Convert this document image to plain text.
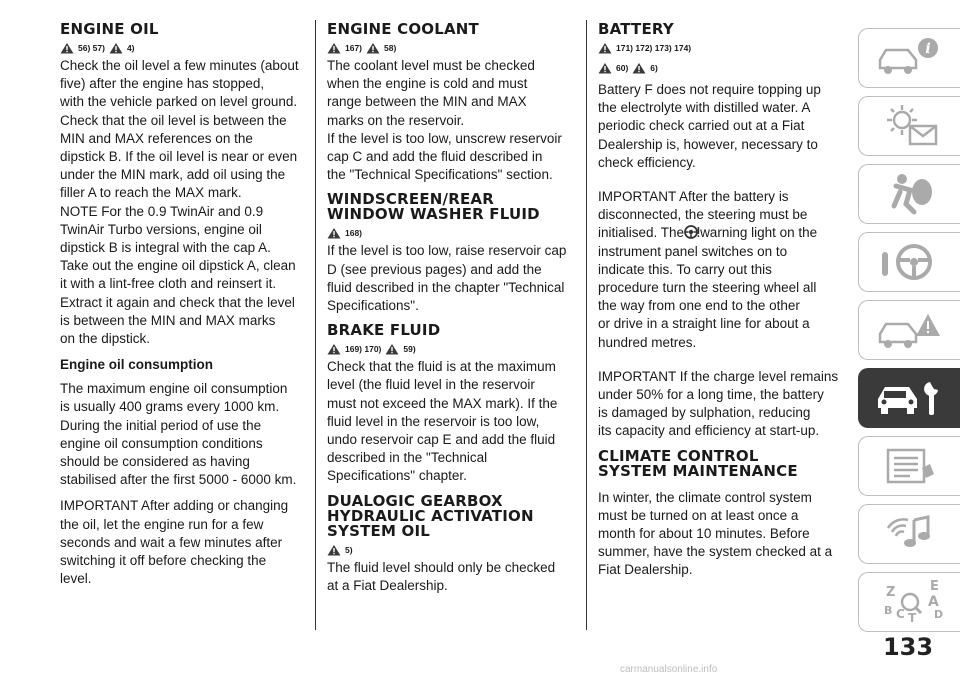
ENGINE OIL
56) 57)	4)

Check the oil level a few minutes (about
five) after the engine has stopped,
with the vehicle parked on level ground.
Check that the oil level is between the
MIN and MAX references on the
dipstick B. If the oil level is near or even
under the MIN mark, add oil using the
filler A to reach the MAX mark.
NOTE For the 0.9 TwinAir and 0.9
TwinAir Turbo versions, engine oil
dipstick B is integral with the cap A.
Take out the engine oil dipstick A, clean
it with a lint-free cloth and reinsert it.
Extract it again and check that the level
is between the MIN and MAX marks
on the dipstick.

Engine oil consumption

The maximum engine oil consumption
is usually 400 grams every 1000 km.
During the initial period of use the
engine oil consumption conditions
should be considered as having
stabilised after the first 5000 - 6000 km.

IMPORTANT After adding or changing
the oil, let the engine run for a few
seconds and wait a few minutes after
switching it off before checking the
level.

ENGINE COOLANT
167)	58)

The coolant level must be checked
when the engine is cold and must
range between the MIN and MAX
marks on the reservoir.
If the level is too low, unscrew reservoir
cap C and add the fluid described in
the "Technical Specifications" section.

WINDSCREEN/REAR
WINDOW WASHER FLUID
168)

If the level is too low, raise reservoir cap
D (see previous pages) and add the
fluid described in the chapter "Technical
Specifications".

BRAKE FLUID
169) 170)	59)

Check that the fluid is at the maximum
level (the fluid level in the reservoir
must not exceed the MAX mark). If the
fluid level in the reservoir is too low,
undo reservoir cap E and add the fluid
described in the "Technical
Specifications" chapter.

DUALOGIC GEARBOX
HYDRAULIC ACTIVATION
SYSTEM OIL
5)

The fluid level should only be checked
at a Fiat Dealership.

BATTERY
171) 172) 173) 174)
60)	6)

Battery F does not require topping up
the electrolyte with distilled water. A
periodic check carried out at a Fiat
Dealership is, however, necessary to
check efficiency.

IMPORTANT After the battery is
disconnected, the steering must be
initialised. The warning light on the
instrument panel switches on to
indicate this. To carry out this
procedure turn the steering wheel all
the way from one end to the other
or drive in a straight line for about a
hundred metres.

IMPORTANT If the charge level remains
under 50% for a long time, the battery
is damaged by sulphation, reducing
its capacity and efficiency at start-up.

CLIMATE CONTROL
SYSTEM MAINTENANCE

In winter, the climate control system
must be turned on at least once a
month for about 10 minutes. Before
summer, have the system checked at a
Fiat Dealership.

i
Z	E
A
B	D
C T
133
carmanualsonline.info
